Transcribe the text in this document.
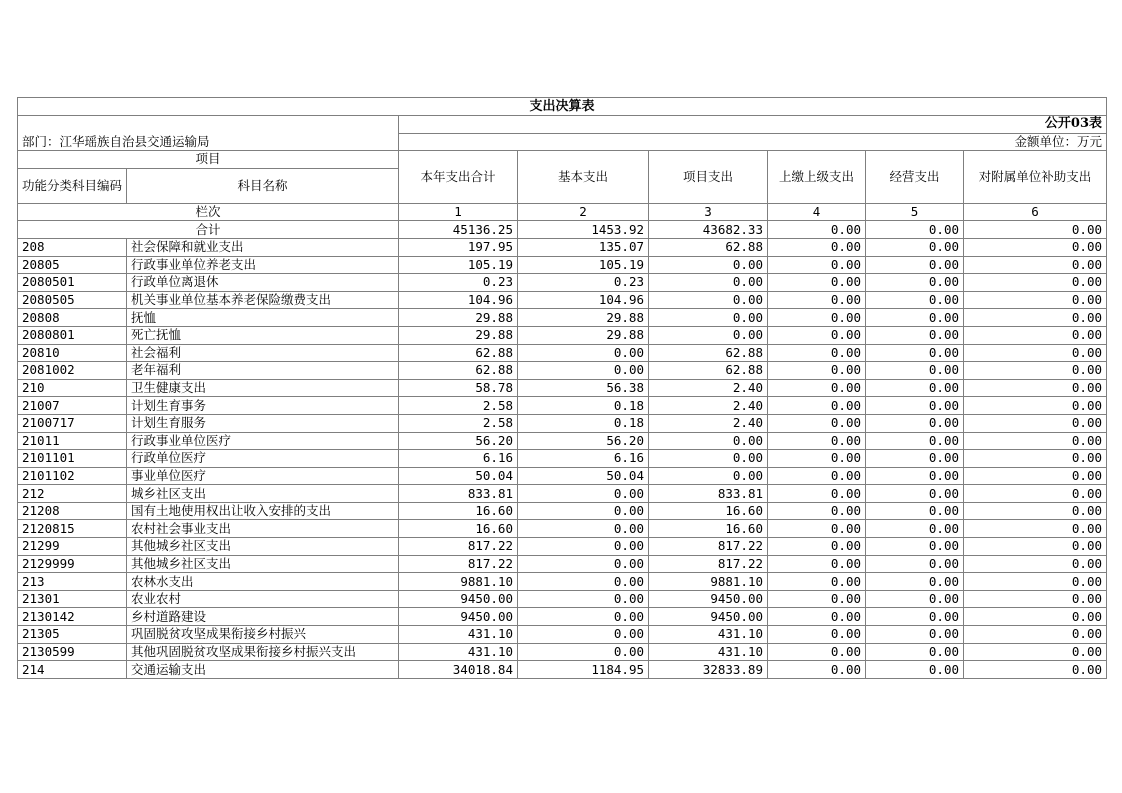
支出决算表							
		公开03表					
部门：江华瑶族自治县交通运输局		金额单位：万元					
项目		本年支出合计	基本支出	项目支出	上缴上级支出	经营支出	对附属单位补助支出
功能分类科目编码	科目名称						
栏次		1	2	3	4	5	6
合计		45136.25	1453.92	43682.33	0.00	0.00	0.00
208	社会保障和就业支出	197.95	135.07	62.88	0.00	0.00	0.00
20805	行政事业单位养老支出	105.19	105.19	0.00	0.00	0.00	0.00
2080501	行政单位离退休	0.23	0.23	0.00	0.00	0.00	0.00
2080505	机关事业单位基本养老保险缴费支出	104.96	104.96	0.00	0.00	0.00	0.00
20808	抚恤	29.88	29.88	0.00	0.00	0.00	0.00
2080801	死亡抚恤	29.88	29.88	0.00	0.00	0.00	0.00
20810	社会福利	62.88	0.00	62.88	0.00	0.00	0.00
2081002	老年福利	62.88	0.00	62.88	0.00	0.00	0.00
210	卫生健康支出	58.78	56.38	2.40	0.00	0.00	0.00
21007	计划生育事务	2.58	0.18	2.40	0.00	0.00	0.00
2100717	计划生育服务	2.58	0.18	2.40	0.00	0.00	0.00
21011	行政事业单位医疗	56.20	56.20	0.00	0.00	0.00	0.00
2101101	行政单位医疗	6.16	6.16	0.00	0.00	0.00	0.00
2101102	事业单位医疗	50.04	50.04	0.00	0.00	0.00	0.00
212	城乡社区支出	833.81	0.00	833.81	0.00	0.00	0.00
21208	国有土地使用权出让收入安排的支出	16.60	0.00	16.60	0.00	0.00	0.00
2120815	农村社会事业支出	16.60	0.00	16.60	0.00	0.00	0.00
21299	其他城乡社区支出	817.22	0.00	817.22	0.00	0.00	0.00
2129999	其他城乡社区支出	817.22	0.00	817.22	0.00	0.00	0.00
213	农林水支出	9881.10	0.00	9881.10	0.00	0.00	0.00
21301	农业农村	9450.00	0.00	9450.00	0.00	0.00	0.00
2130142	乡村道路建设	9450.00	0.00	9450.00	0.00	0.00	0.00
21305	巩固脱贫攻坚成果衔接乡村振兴	431.10	0.00	431.10	0.00	0.00	0.00
2130599	其他巩固脱贫攻坚成果衔接乡村振兴支出	431.10	0.00	431.10	0.00	0.00	0.00
214	交通运输支出	34018.84	1184.95	32833.89	0.00	0.00	0.00
